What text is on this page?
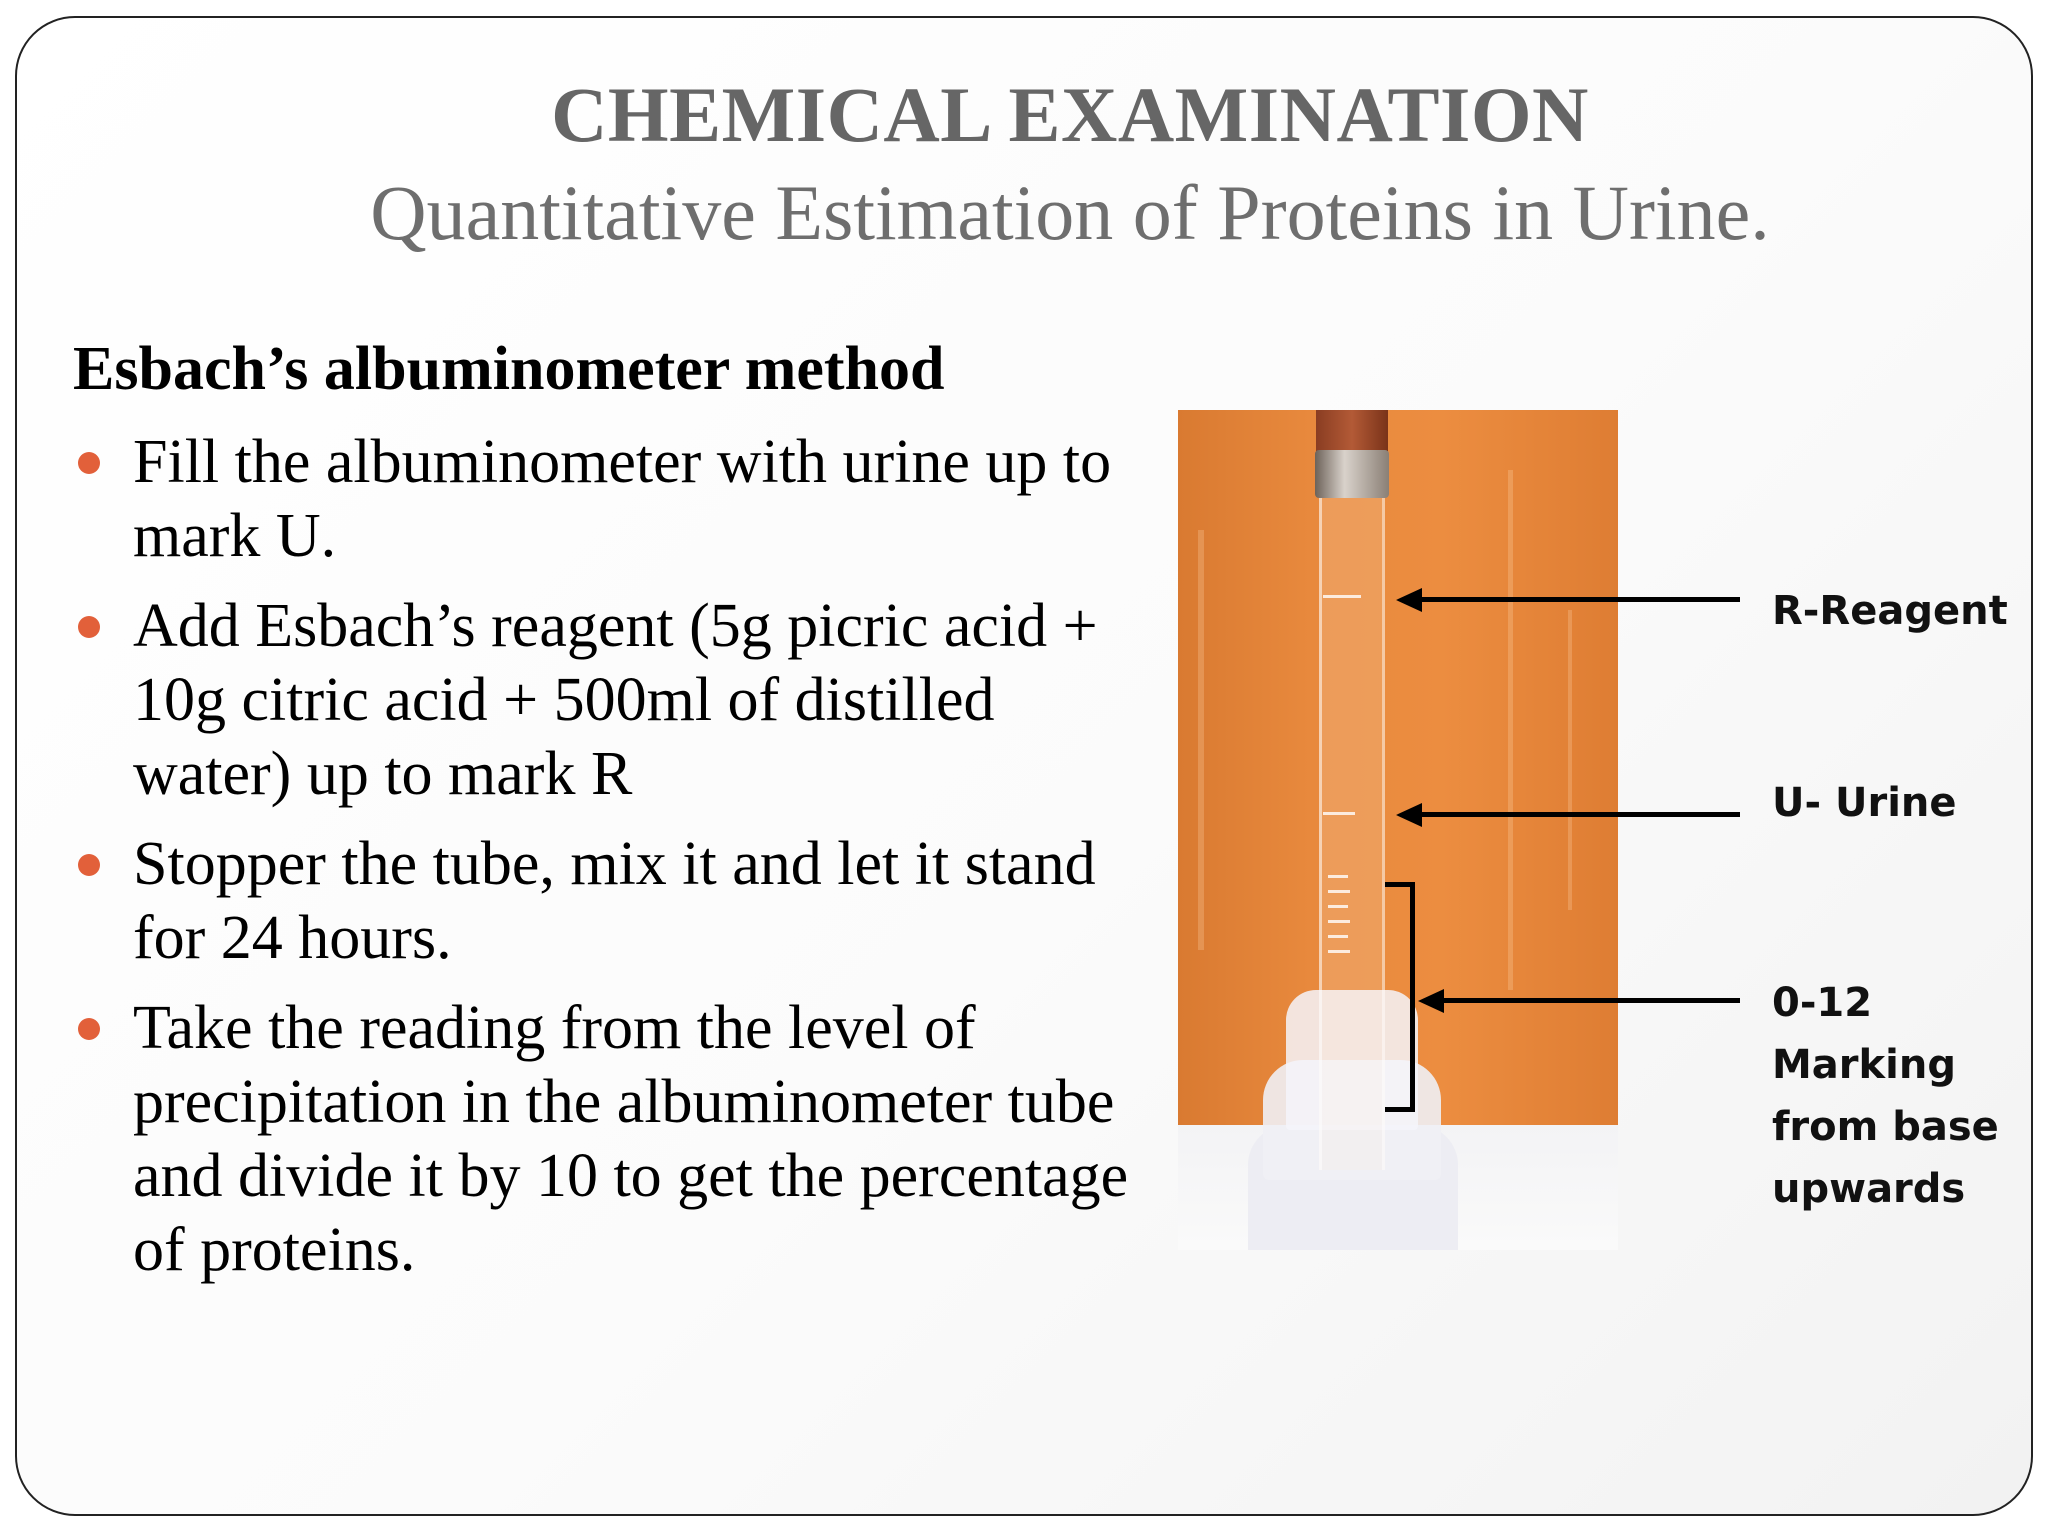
CHEMICAL EXAMINATION
Quantitative Estimation of Proteins in Urine.
Esbach’s albuminometer method
Fill the albuminometer with urine up to mark U.
Add Esbach’s reagent (5g picric acid + 10g citric acid + 500ml of distilled water) up to mark R
Stopper the tube, mix it and let it stand for 24 hours.
Take the reading from the level of precipitation in the albuminometer tube and divide it by 10 to get the percentage of proteins.
R-Reagent
U- Urine
0-12
Marking
from base
upwards
